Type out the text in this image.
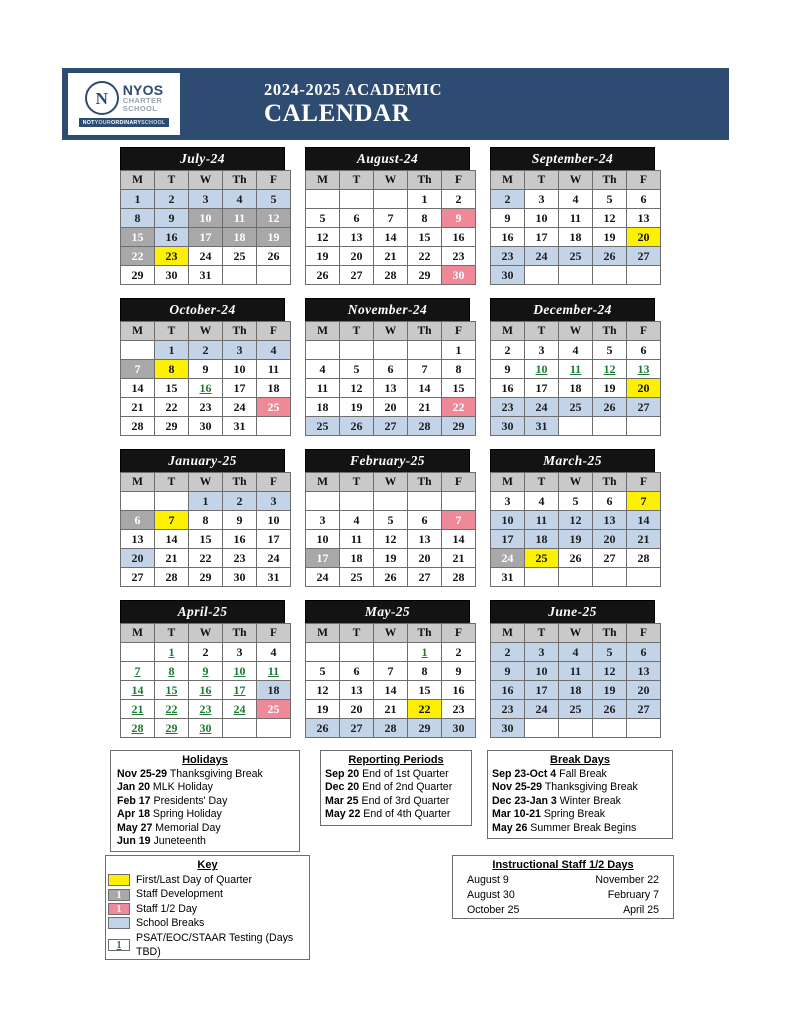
N	NYOS
CHARTER
SCHOOL
NOTYOURORDINARYSCHOOL
2024-2025 ACADEMIC
CALENDAR
July-24
M	T	W	Th	F
1	2	3	4	5
8	9	10	11	12
15	16	17	18	19
22	23	24	25	26
29	30	31		
August-24
M	T	W	Th	F
			1	2
5	6	7	8	9
12	13	14	15	16
19	20	21	22	23
26	27	28	29	30
September-24
M	T	W	Th	F
2	3	4	5	6
9	10	11	12	13
16	17	18	19	20
23	24	25	26	27
30				
October-24
M	T	W	Th	F
	1	2	3	4
7	8	9	10	11
14	15	16	17	18
21	22	23	24	25
28	29	30	31	
November-24
M	T	W	Th	F
				1
4	5	6	7	8
11	12	13	14	15
18	19	20	21	22
25	26	27	28	29
December-24
M	T	W	Th	F
2	3	4	5	6
9	10	11	12	13
16	17	18	19	20
23	24	25	26	27
30	31			
January-25
M	T	W	Th	F
		1	2	3
6	7	8	9	10
13	14	15	16	17
20	21	22	23	24
27	28	29	30	31
February-25
M	T	W	Th	F

3	4	5	6	7
10	11	12	13	14
17	18	19	20	21
24	25	26	27	28
March-25
M	T	W	Th	F
3	4	5	6	7
10	11	12	13	14
17	18	19	20	21
24	25	26	27	28
31				
April-25
M	T	W	Th	F
	1	2	3	4
7	8	9	10	11
14	15	16	17	18
21	22	23	24	25
28	29	30		
May-25
M	T	W	Th	F
			1	2
5	6	7	8	9
12	13	14	15	16
19	20	21	22	23
26	27	28	29	30
June-25
M	T	W	Th	F
2	3	4	5	6
9	10	11	12	13
16	17	18	19	20
23	24	25	26	27
30				
Holidays
Nov 25-29 Thanksgiving Break
Jan 20 MLK Holiday
Feb 17 Presidents' Day
Apr 18 Spring Holiday
May 27 Memorial Day
Jun 19 Juneteenth
Reporting Periods
Sep 20 End of 1st Quarter
Dec 20 End of 2nd Quarter
Mar 25 End of 3rd Quarter
May 22 End of 4th Quarter
Break Days
Sep 23-Oct 4 Fall Break
Nov 25-29 Thanksgiving Break
Dec 23-Jan 3 Winter Break
Mar 10-21 Spring Break
May 26 Summer Break Begins
Key
First/Last Day of Quarter
1	Staff Development
1	Staff 1/2 Day
School Breaks
1
PSAT/EOC/STAAR Testing (Days TBD)
Instructional Staff 1/2 Days
August 9	November 22
August 30	February 7
October 25	April 25
